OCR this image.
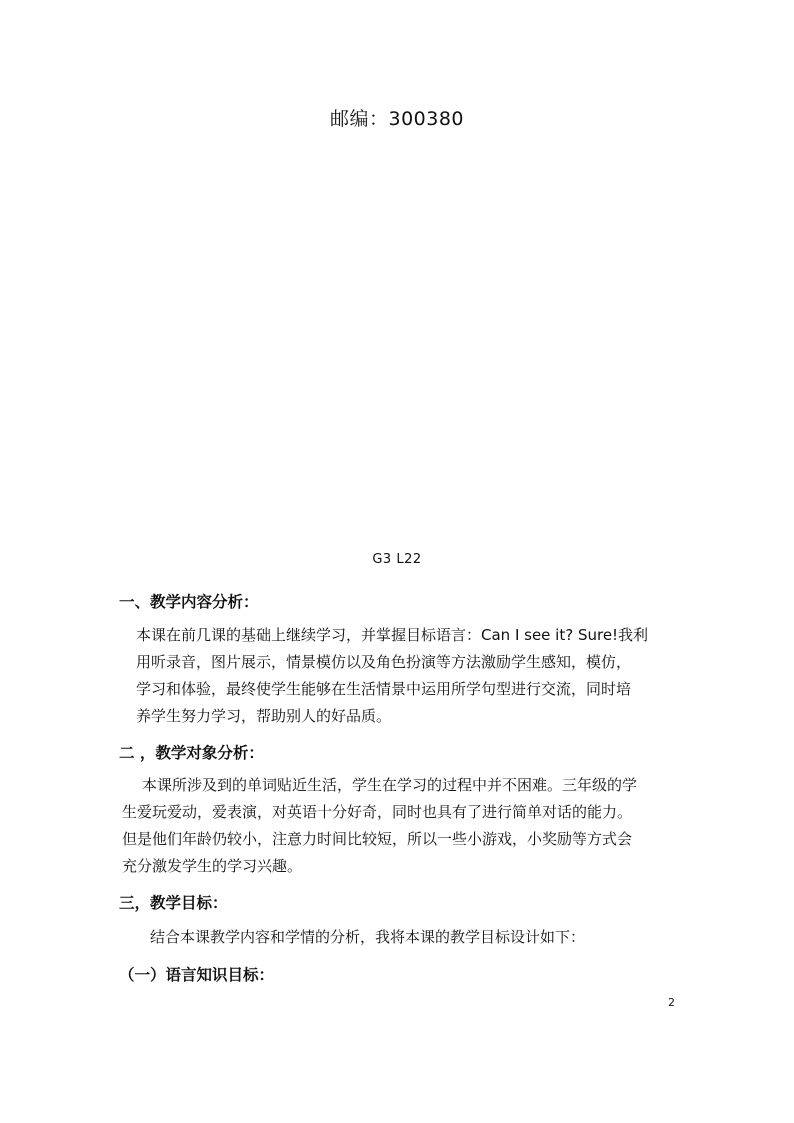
邮编：300380
G3 L22
一、教学内容分析：
本课在前几课的基础上继续学习，并掌握目标语言：Can I see it? Sure!我利
用听录音，图片展示，情景模仿以及角色扮演等方法激励学生感知，模仿，
学习和体验，最终使学生能够在生活情景中运用所学句型进行交流，同时培
养学生努力学习，帮助别人的好品质。
二 ，教学对象分析：
本课所涉及到的单词贴近生活，学生在学习的过程中并不困难。三年级的学
生爱玩爱动，爱表演，对英语十分好奇，同时也具有了进行简单对话的能力。
但是他们年龄仍较小，注意力时间比较短，所以一些小游戏，小奖励等方式会
充分激发学生的学习兴趣。
三，教学目标：
结合本课教学内容和学情的分析，我将本课的教学目标设计如下：
（一）语言知识目标：
2
